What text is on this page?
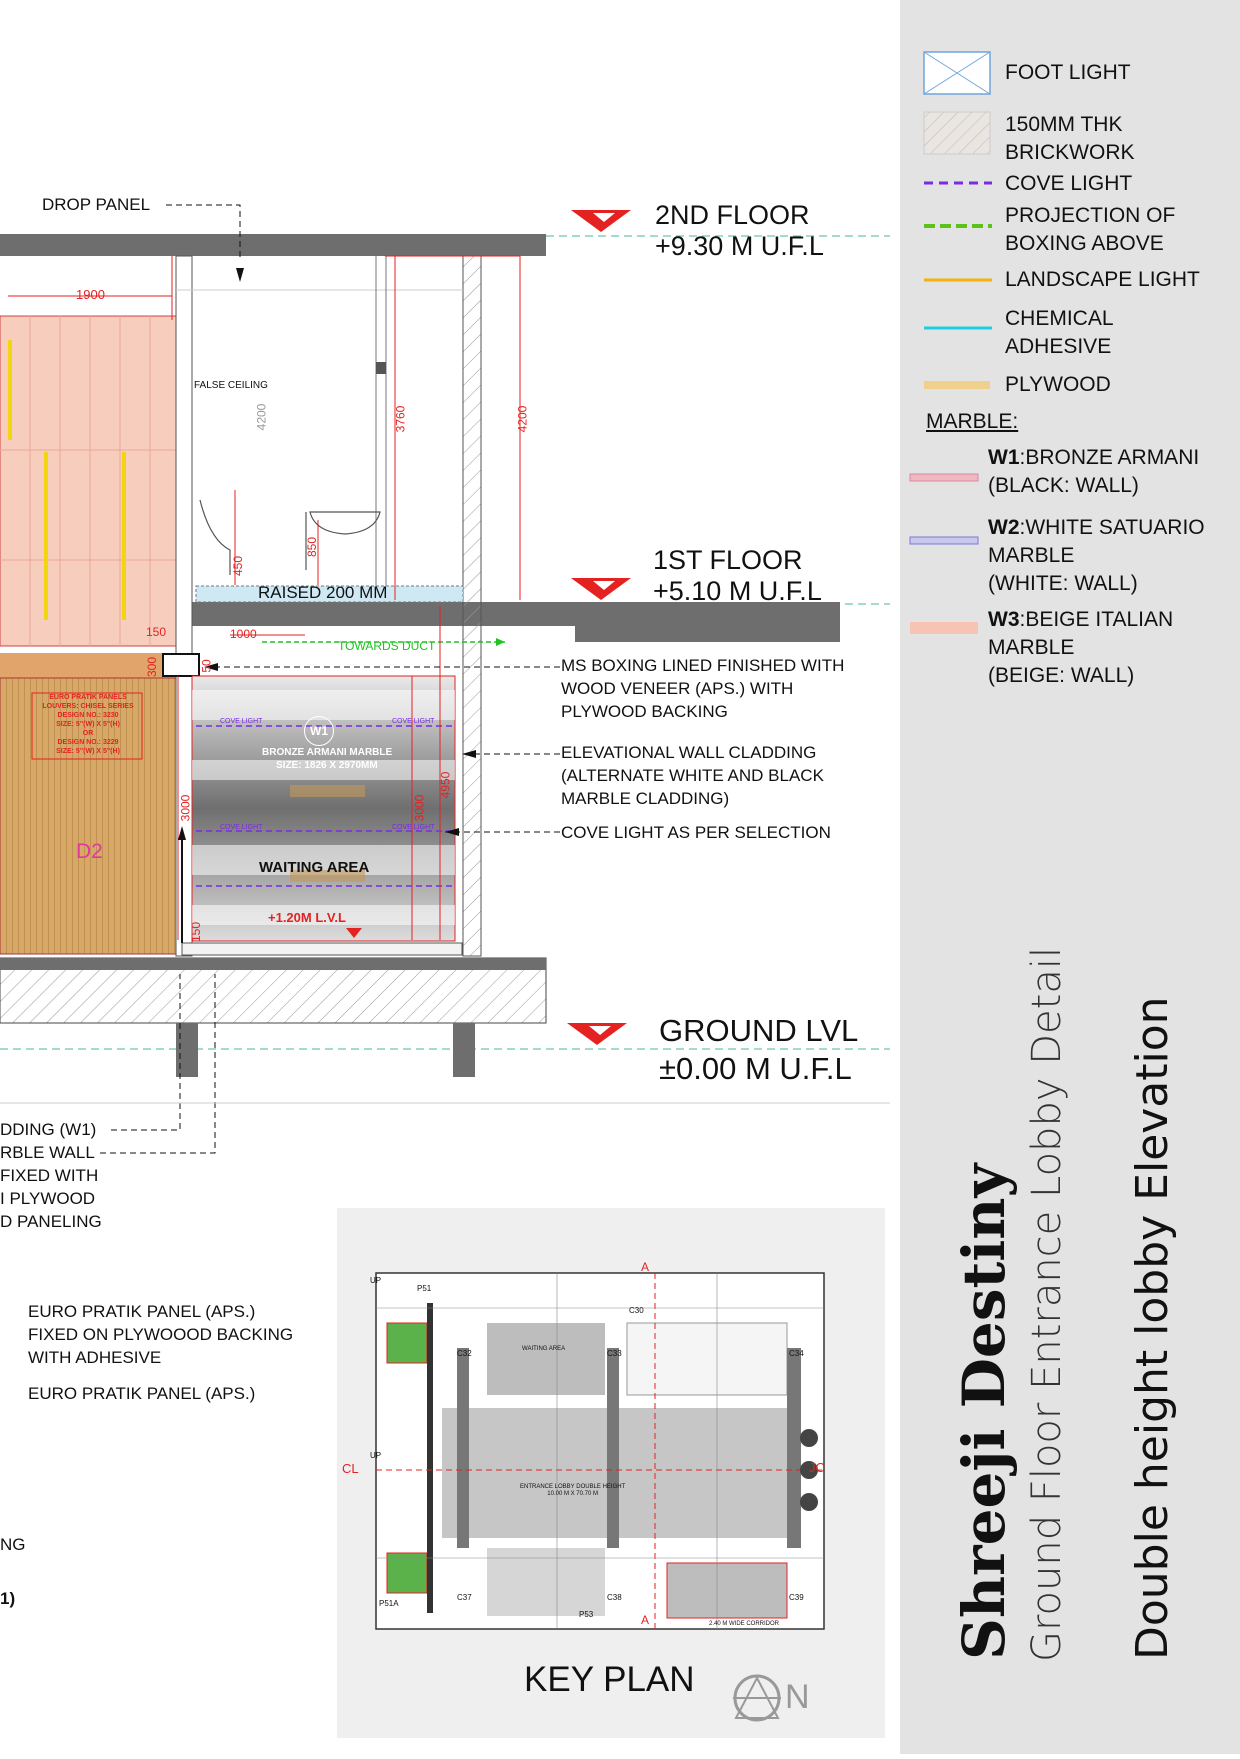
2ND FLOOR
+9.30 M U.F.L
1ST FLOOR
+5.10 M U.F.L
GROUND LVL
±0.00 M U.F.L
DROP PANEL
FALSE CEILING
RAISED 200 MM
TOWARDS DUCT
MS BOXING LINED FINISHED WITH
WOOD VENEER (APS.) WITH
PLYWOOD BACKING
ELEVATIONAL WALL CLADDING
(ALTERNATE WHITE AND BLACK
MARBLE CLADDING)
COVE LIGHT AS PER SELECTION
DDING (W1)
RBLE WALL
FIXED WITH
I PLYWOOD
D PANELING
EURO PRATIK PANEL (APS.)
FIXED ON PLYWOOOD BACKING
WITH ADHESIVE
EURO PRATIK PANEL (APS.)
NG
1)
EURO PRATIK PANELS
LOUVERS: CHISEL SERIES
DESIGN NO.: 3230
SIZE: 5"(W) X 5"(H)
OR
DESIGN NO.: 3229
SIZE: 5"(W) X 5"(H)
D2
W1
BRONZE ARMANI MARBLE
SIZE: 1826 X 2970MM
WAITING AREA
+1.20M L.V.L
COVE LIGHT	COVE LIGHT
COVE LIGHT	COVE LIGHT
1900
4200	3760	4200
850
450
150	1000
300
3000	3000
4950
150
50
ENTRANCE LOBBY DOUBLE HEIGHT
10.00 M X 70.70 M
WAITING AREA
2.40 M WIDE CORRIDOR
P51
P51A
P53
C32	C33	C34
C30
C37	C38	C39
CL	JC
UP
UP
A
A
KEY PLAN	N
FOOT LIGHT
150MM THK
BRICKWORK
COVE LIGHT
PROJECTION OF
BOXING ABOVE
LANDSCAPE LIGHT
CHEMICAL
ADHESIVE
PLYWOOD
MARBLE:
W1:BRONZE ARMANI
(BLACK: WALL)
W2:WHITE SATUARIO
MARBLE
(WHITE: WALL)
W3:BEIGE ITALIAN
MARBLE
(BEIGE: WALL)
Shreeji Destiny Ground Floor Entrance Lobby Detail Double height lobby Elevation
